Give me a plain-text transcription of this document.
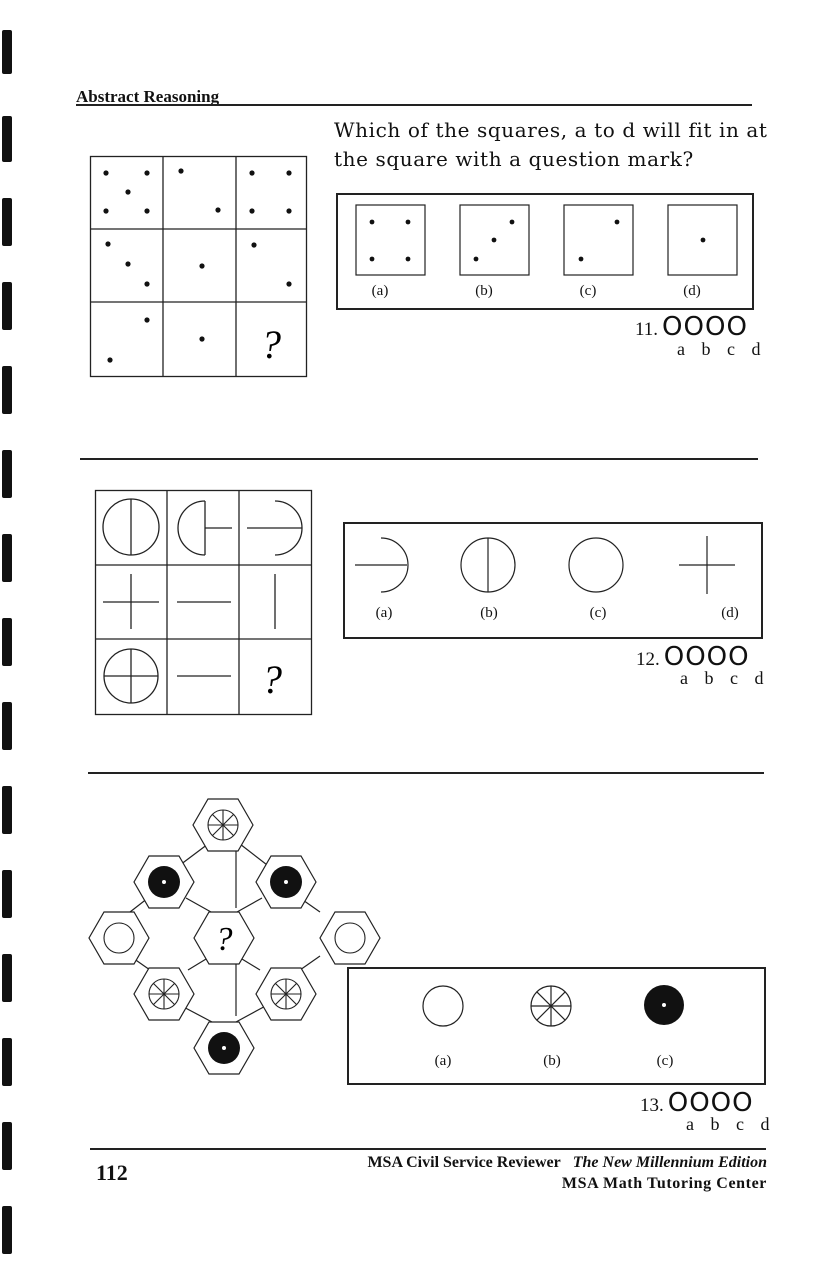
Abstract Reasoning
Which of the squares, a to d will fit in at the square with a question mark?
?
(a)	(b)	(c)	(d)
11. OOOO
a b c d
?
(a)	(b)	(c)	(d)
12. OOOO
a b c d
?
(a)	(b)	(c)
13. OOOO
a b c d
112	MSA Civil Service Reviewer The New Millennium Edition
MSA Math Tutoring Center
